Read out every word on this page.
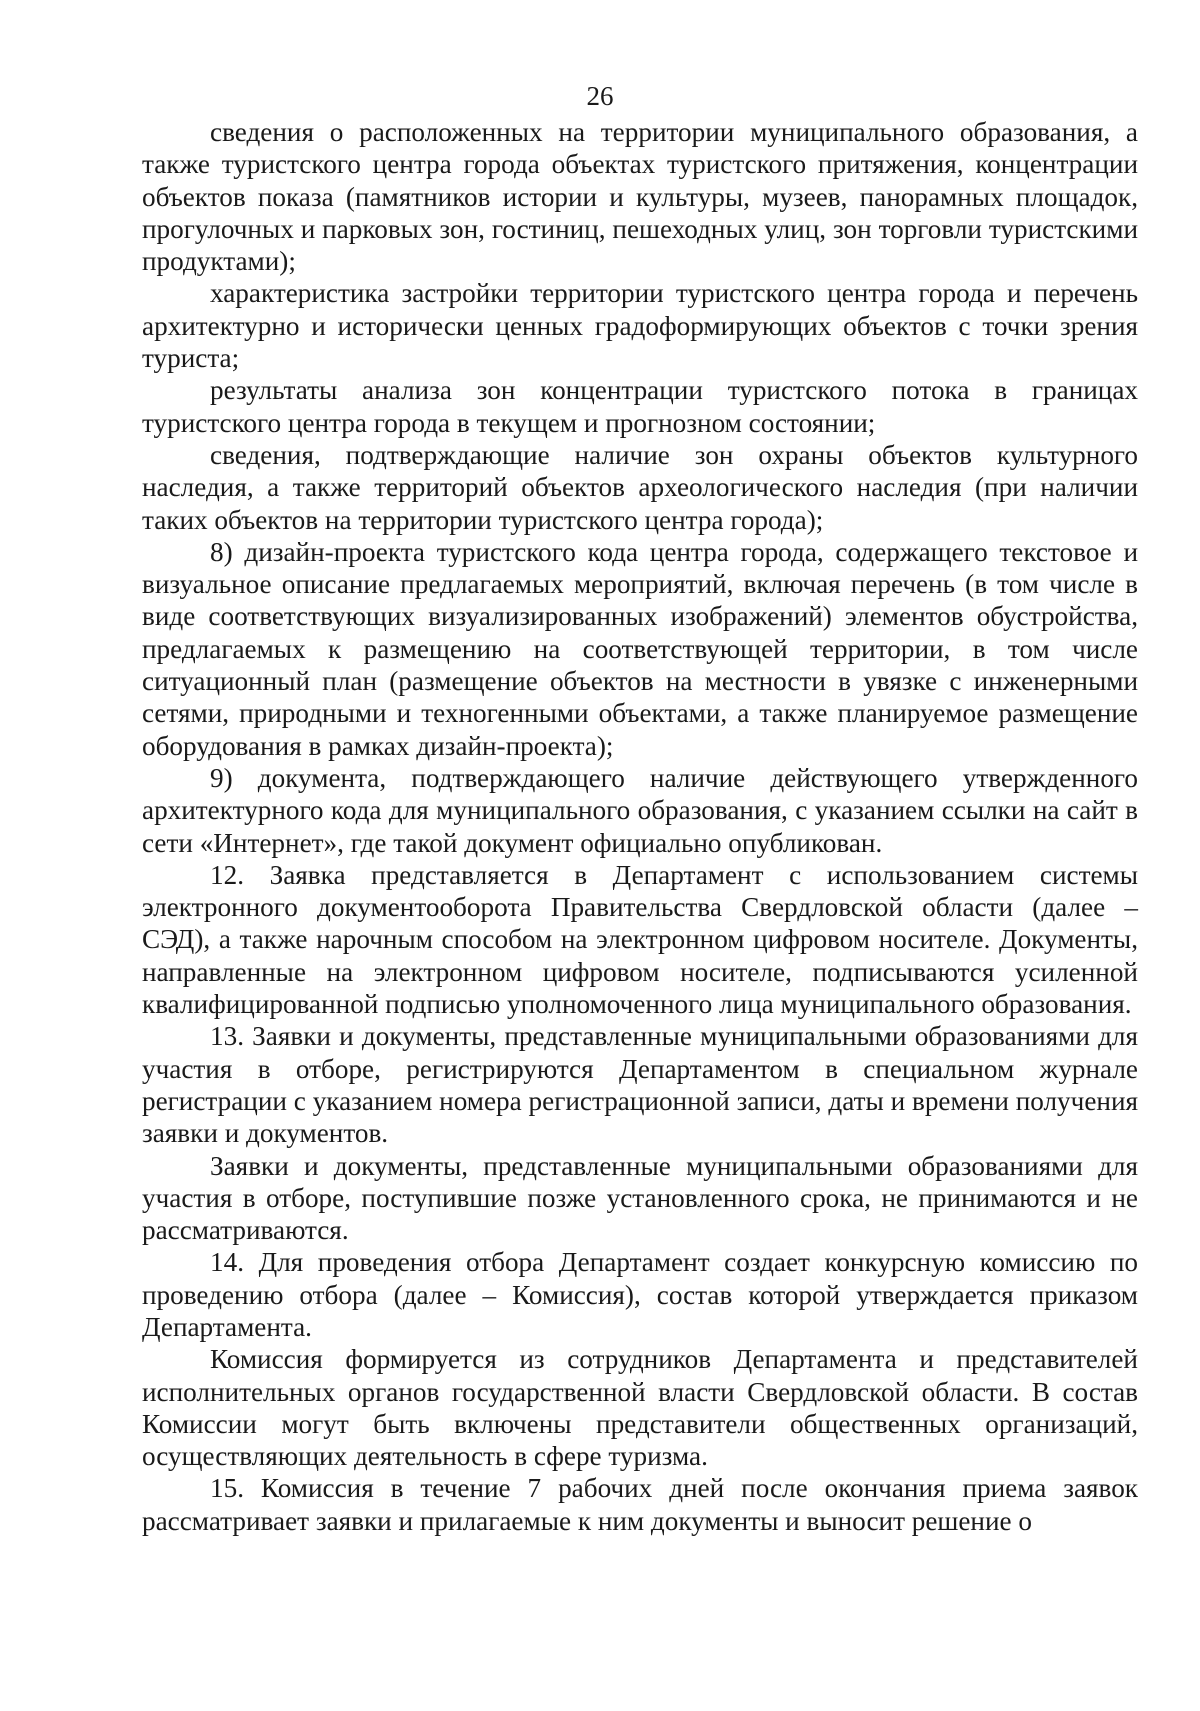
26

сведения о расположенных на территории муниципального образования, а также туристского центра города объектах туристского притяжения, концентрации объектов показа (памятников истории и культуры, музеев, панорамных площадок, прогулочных и парковых зон, гостиниц, пешеходных улиц, зон торговли туристскими продуктами);

характеристика застройки территории туристского центра города и перечень архитектурно и исторически ценных градоформирующих объектов с точки зрения туриста;

результаты анализа зон концентрации туристского потока в границах туристского центра города в текущем и прогнозном состоянии;

сведения, подтверждающие наличие зон охраны объектов культурного наследия, а также территорий объектов археологического наследия (при наличии таких объектов на территории туристского центра города);

8) дизайн-проекта туристского кода центра города, содержащего текстовое и визуальное описание предлагаемых мероприятий, включая перечень (в том числе в виде соответствующих визуализированных изображений) элементов обустройства, предлагаемых к размещению на соответствующей территории, в том числе ситуационный план (размещение объектов на местности в увязке с инженерными сетями, природными и техногенными объектами, а также планируемое размещение оборудования в рамках дизайн-проекта);

9) документа, подтверждающего наличие действующего утвержденного архитектурного кода для муниципального образования, с указанием ссылки на сайт в сети «Интернет», где такой документ официально опубликован.

12. Заявка представляется в Департамент с использованием системы электронного документооборота Правительства Свердловской области (далее – СЭД), а также нарочным способом на электронном цифровом носителе. Документы, направленные на электронном цифровом носителе, подписываются усиленной квалифицированной подписью уполномоченного лица муниципального образования.

13. Заявки и документы, представленные муниципальными образованиями для участия в отборе, регистрируются Департаментом в специальном журнале регистрации с указанием номера регистрационной записи, даты и времени получения заявки и документов.

Заявки и документы, представленные муниципальными образованиями для участия в отборе, поступившие позже установленного срока, не принимаются и не рассматриваются.

14. Для проведения отбора Департамент создает конкурсную комиссию по проведению отбора (далее – Комиссия), состав которой утверждается приказом Департамента.

Комиссия формируется из сотрудников Департамента и представителей исполнительных органов государственной власти Свердловской области. В состав Комиссии могут быть включены представители общественных организаций, осуществляющих деятельность в сфере туризма.

15. Комиссия в течение 7 рабочих дней после окончания приема заявок рассматривает заявки и прилагаемые к ним документы и выносит решение о
